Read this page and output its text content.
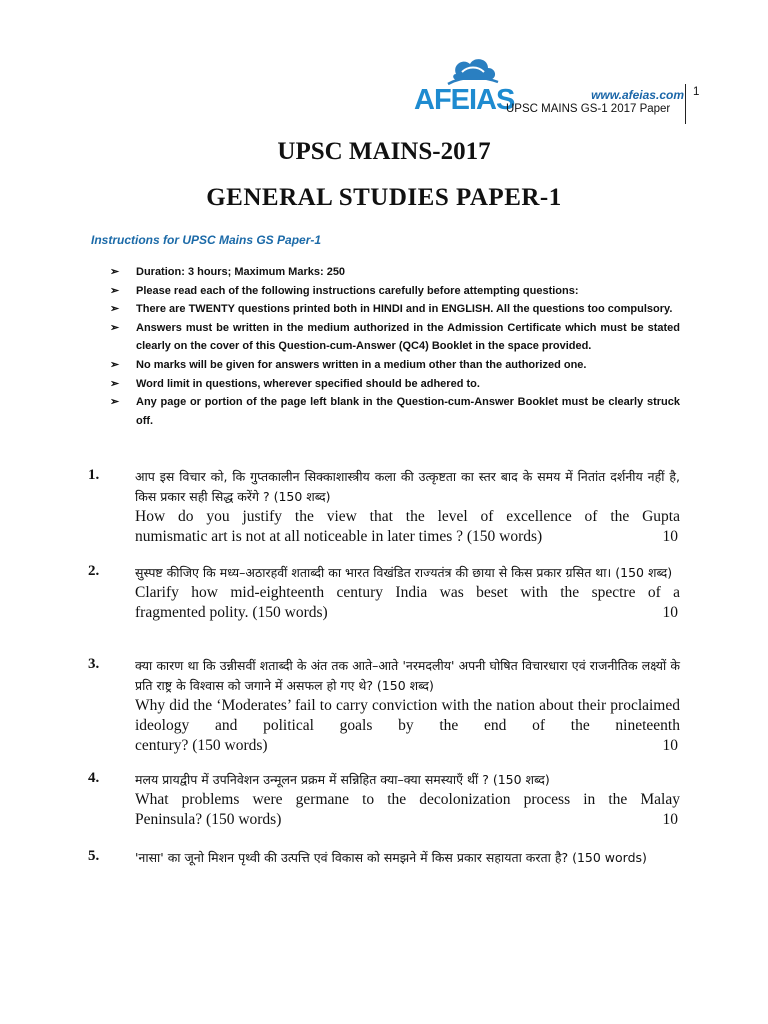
AFEIAS	www.afeias.com
UPSC MAINS GS-1 2017 Paper
1
UPSC MAINS-2017
GENERAL STUDIES PAPER-1
Instructions for UPSC Mains GS Paper-1
➢ Duration: 3 hours; Maximum Marks: 250
➢ Please read each of the following instructions carefully before attempting questions:
➢ There are TWENTY questions printed both in HINDI and in ENGLISH. All the questions too compulsory.
➢ Answers must be written in the medium authorized in the Admission Certificate which must be stated clearly on the cover of this Question-cum-Answer (QC4) Booklet in the space provided.
➢ No marks will be given for answers written in a medium other than the authorized one.
➢ Word limit in questions, wherever specified should be adhered to.
➢ Any page or portion of the page left blank in the Question-cum-Answer Booklet must be clearly struck off.
1.	आप इस विचार को, कि गुप्तकालीन सिक्काशास्त्रीय कला की उत्कृष्टता का स्तर बाद के समय में नितांत दर्शनीय नहीं है, किस प्रकार सही सिद्ध करेंगे ? (150 शब्द)
How do you justify the view that the level of excellence of the Gupta
numismatic art is not at all noticeable in later times ? (150 words)	10
2.	सुस्पष्ट कीजिए कि मध्य–अठारहवीं शताब्दी का भारत विखंडित राज्यतंत्र की छाया से किस प्रकार ग्रसित था। (150 शब्द)
Clarify how mid-eighteenth century India was beset with the spectre of a
fragmented polity. (150 words)	10
3.	क्या कारण था कि उन्नीसवीं शताब्दी के अंत तक आते–आते 'नरमदलीय' अपनी घोषित विचारधारा एवं राजनीतिक लक्ष्यों के प्रति राष्ट्र के विश्वास को जगाने में असफल हो गए थे? (150 शब्द)
Why did the ‘Moderates’ fail to carry conviction with the nation about their proclaimed ideology and political goals by the end of the nineteenth
century? (150 words)	10
4.	मलय प्रायद्वीप में उपनिवेशन उन्मूलन प्रक्रम में सन्निहित क्या–क्या समस्याएँ थीं ? (150 शब्द)
What problems were germane to the decolonization process in the Malay
Peninsula? (150 words)	10
5.	'नासा' का जूनो मिशन पृथ्वी की उत्पत्ति एवं विकास को समझने में किस प्रकार सहायता करता है? (150 words)
